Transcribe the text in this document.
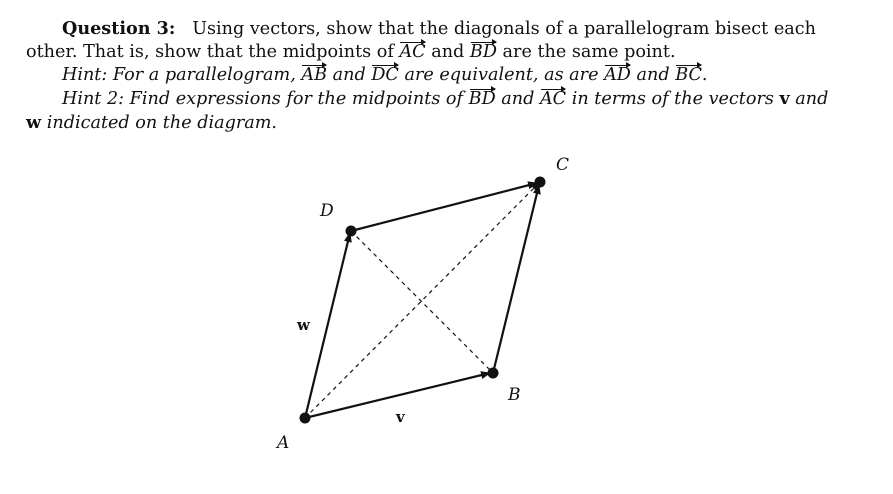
Question 3: Using vectors, show that the diagonals of a parallelogram bisect each

other. That is, show that the midpoints of AC and BD are the same point.

Hint: For a parallelogram, AB and DC are equivalent, as are AD and BC.

Hint 2: Find expressions for the midpoints of BD and AC in terms of the vectors v and

w indicated on the diagram.

A
B
C
D
v
w
